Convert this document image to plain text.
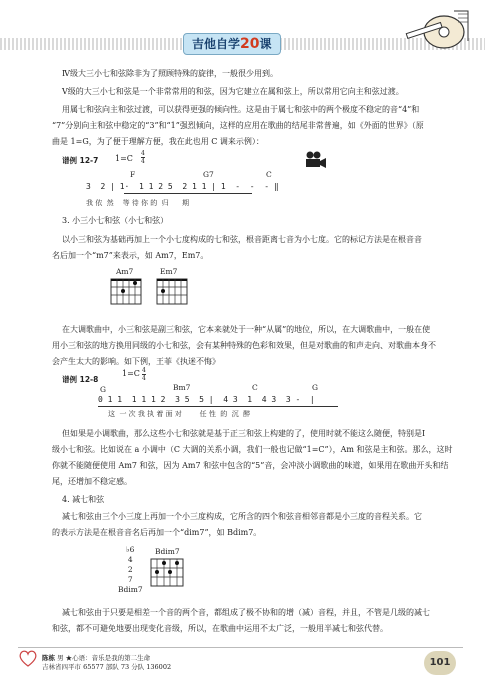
吉他自学20课
Ⅳ级大三小七和弦除非为了照顾特殊的旋律，一般很少用到。
Ⅴ级的大三小七和弦是一个非常常用的和弦，因为它建立在属和弦上，所以常用它向主和弦过渡。
用属七和弦向主和弦过渡，可以获得更强的倾向性。这是由于属七和弦中的两个极度不稳定的音“4”和
“7”分别向主和弦中稳定的“3”和“1”强烈倾向，这样的应用在歌曲的结尾非常普遍，如《外面的世界》（原
曲是 1=G，为了便于理解方便，我在此也用 C 调来示例）：
谱例 12-7 1=C
4
4
F	G7	C
3  2 | 1·  1 1 2 5  2 1 1 | 1  -  -  - ‖
我 依  然    等 待 你 的  归      期
3. 小三小七和弦（小七和弦）
以小三和弦为基础再加上一个小七度构成的七和弦，根音距离七音为小七度。它的标记方法是在根音音
名后加一个“m7”来表示，如 Am7，Em7。
Am7	Em7
在大调歌曲中，小三和弦是副三和弦，它本来就处于一种“从属”的地位，所以，在大调歌曲中，一般在使
用小三和弦的地方换用同级的小七和弦，会有某种特殊的色彩和效果，但是对歌曲的和声走向、对歌曲本身不
会产生太大的影响。如下例，王菲《执迷不悔》
谱例 12-8
1=C 4
4
G	Bm7	C	G
0 1 1  1 1 1 2  3 5  5 |  4 3  1  4 3  3 -  |
这  一 次 我 执 着 面 对        任 性  的  沉  醉
但如果是小调歌曲，那么这些小七和弦就是基于正三和弦上构建的了，使用时就不能这么随便，特别是Ⅰ
级小七和弦。比如说在 a 小调中（C 大调的关系小调，我们一般也记做“1=C”），Am 和弦是主和弦。那么，这时
你就不能随便使用 Am7 和弦，因为 Am7 和弦中包含的“5”音，会冲淡小调歌曲的味道，如果用在歌曲开头和结
尾，还增加不稳定感。
4. 减七和弦
减七和弦由三个小三度上再加一个小三度构成，它所含的四个和弦音相邻音都是小三度的音程关系。它
的表示方法是在根音音名后再加一个“dim7”，如 Bdim7。
♭6
4
2
7
Bdim7
Bdim7
减七和弦由于只要是相差一个音的两个音，都组成了极不协和的增（减）音程，并且，不管是几级的减七
和弦，都不可避免地要出现变化音级，所以，在歌曲中运用不太广泛，一般用半减七和弦代替。
陈栋 男 ★心语：音乐是我的第二生命
吉林省四平市 65577 部队 73 分队 136002	101
